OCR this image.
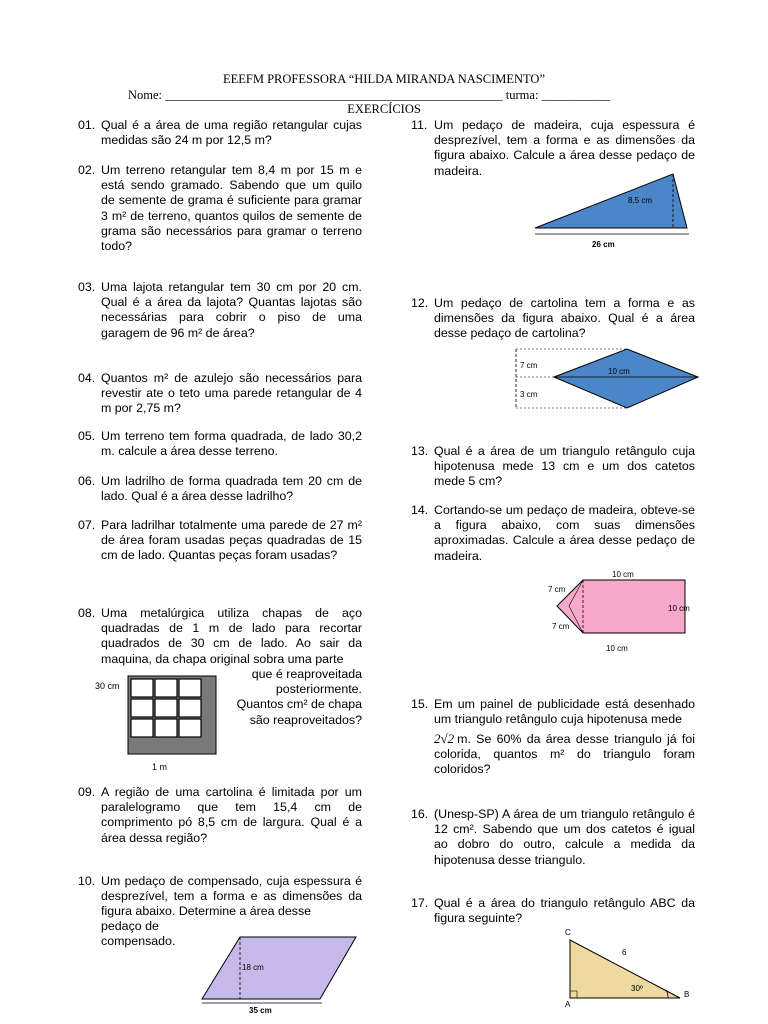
EEEFM PROFESSORA “HILDA MIRANDA NASCIMENTO”
Nome: ______________________________________________________ turma: ___________
EXERCÍCIOS
01. Qual é a área de uma região retangular cujas medidas são 24 m por 12,5 m?
02. Um terreno retangular tem 8,4 m por 15 m e está sendo gramado. Sabendo que um quilo de semente de grama é suficiente para gramar 3 m² de terreno, quantos quilos de semente de grama são necessários para gramar o terreno todo?
03. Uma lajota retangular tem 30 cm por 20 cm. Qual é a área da lajota? Quantas lajotas são necessárias para cobrir o piso de uma garagem de 96 m² de área?
04. Quantos m² de azulejo são necessários para revestir ate o teto uma parede retangular de 4 m por 2,75 m?
05. Um terreno tem forma quadrada, de lado 30,2 m. calcule a área desse terreno.
06. Um ladrilho de forma quadrada tem 20 cm de lado. Qual é a área desse ladrilho?
07. Para ladrilhar totalmente uma parede de 27 m² de área foram usadas peças quadradas de 15 cm de lado. Quantas peças foram usadas?
08. Uma metalúrgica utiliza chapas de aço quadradas de 1 m de lado para recortar quadrados de 30 cm de lado. Ao sair da maquina, da chapa original sobra uma parte
que é reaproveitada posteriormente. Quantos cm² de chapa são reaproveitados?
30 cm
1 m
09. A região de uma cartolina é limitada por um paralelogramo que tem 15,4 cm de comprimento pó 8,5 cm de largura. Qual é a área dessa região?
10. Um pedaço de compensado, cuja espessura é desprezível, tem a forma e as dimensões da figura abaixo. Determine a área desse
pedaço de compensado.
18 cm
35 cm
11. Um pedaço de madeira, cuja espessura é desprezível, tem a forma e as dimensões da figura abaixo. Calcule a área desse pedaço de madeira.
8,5 cm
26 cm
12. Um pedaço de cartolina tem a forma e as dimensões da figura abaixo. Qual é a área desse pedaço de cartolina?
7 cm
10 cm
3 cm
13. Qual é a área de um triangulo retângulo cuja hipotenusa mede 13 cm e um dos catetos mede 5 cm?
14. Cortando-se um pedaço de madeira, obteve-se a figura abaixo, com suas dimensões aproximadas. Calcule a área desse pedaço de madeira.
10 cm
10 cm
10 cm
7 cm
7 cm
15. Em um painel de publicidade está desenhado um triangulo retângulo cuja hipotenusa mede
2√2 m. Se 60% da área desse triangulo já foi colorida, quantos m² do triangulo foram coloridos?
16. (Unesp-SP) A área de um triangulo retângulo é 12 cm². Sabendo que um dos catetos é igual ao dobro do outro, calcule a medida da hipotenusa desse triangulo.
17. Qual é a área do triangulo retângulo ABC da figura seguinte?
C
A
B
6
30º
